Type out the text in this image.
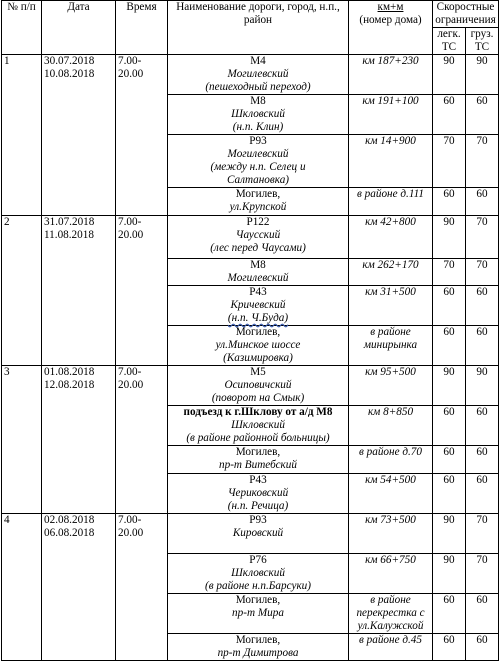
№ п/п	Дата	Время	Наименование дороги, город, н.п., район	км+м
(номер дома)	Скоростные ограничения	
					легк. ТС	груз. ТС
1	30.07.2018
10.08.2018	7.00-
20.00	М4
Могилевский
(пешеходный переход)	км 187+230	90	90

			М8
Шкловский
(н.п. Клин)	км 191+100	60	60

			Р93
Могилевский
(между н.п. Селец и
Салтановка)	км 14+900	70	70

			Могилев,
ул.Крупской	в районе д.111	60	60
2	31.07.2018
11.08.2018	7.00-
20.00	Р122
Чаусский
(лес перед Чаусами)	км 42+800	90	70

			М8
Могилевский	км 262+170	70	70

			Р43
Кричевский
(н.п. Ч.Буда)	км 31+500	60	60

			Могилев,
ул.Минское шоссе
(Казимировка)	в районе минирынка	60	60
3	01.08.2018
12.08.2018	7.00-
20.00	М5
Осиповичский
(поворот на Смык)	км 95+500	90	90

			подъезд к г.Шклову от а/д М8
Шкловский
(в районе районной больницы)	км 8+850	60	60

			Могилев,
пр-т Витебский	в районе д.70	60	60

			Р43
Чериковский
(н.п. Речица)	км 54+500	60	60
4	02.08.2018
06.08.2018	7.00-
20.00	Р93
Кировский	км 73+500	90	70

			Р76
Шкловский
(в районе н.п.Барсуки)	км 66+750	90	70

			Могилев,
пр-т Мира	в районе перекрестка с ул.Калужской	60	60

			Могилев,
пр-т Димитрова	в районе д.45	60	60
